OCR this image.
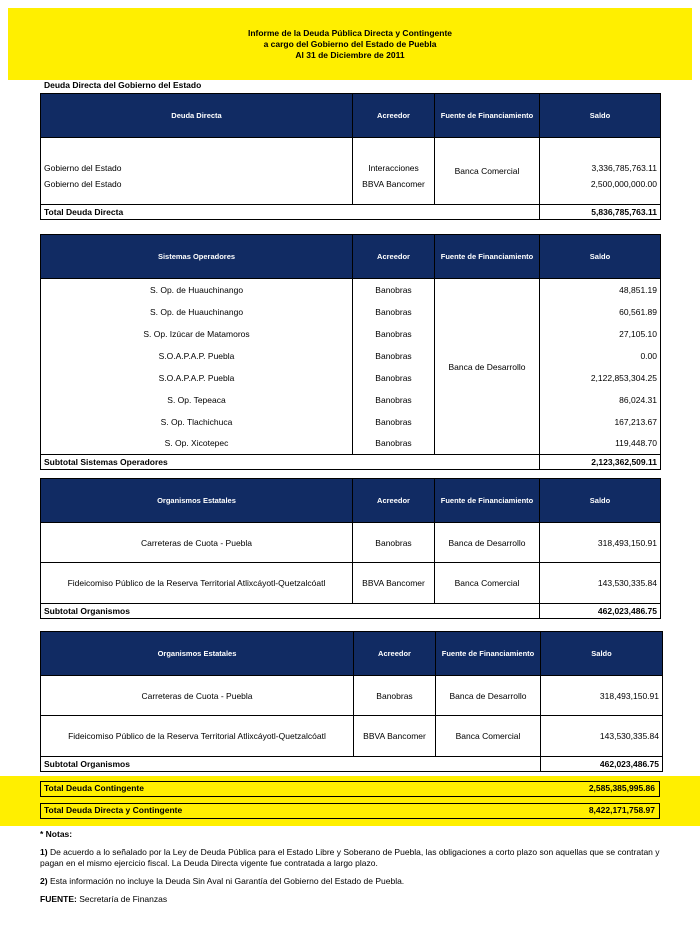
Informe de la Deuda Pública Directa y Contingente
a cargo del Gobierno del Estado de Puebla
Al 31 de Diciembre de 2011
Deuda Directa del Gobierno del Estado
Deuda Directa	Acreedor	Fuente de Financiamiento	Saldo
Gobierno del Estado	Interacciones	Banca Comercial	3,336,785,763.11
Gobierno del Estado	BBVA Bancomer		2,500,000,000.00
Total Deuda Directa			5,836,785,763.11
Sistemas Operadores	Acreedor	Fuente de Financiamiento	Saldo
S. Op. de Huauchinango	Banobras	Banca de Desarrollo	48,851.19
S. Op. de Huauchinango	Banobras		60,561.89
S. Op. Izúcar de Matamoros	Banobras		27,105.10
S.O.A.P.A.P. Puebla	Banobras		0.00
S.O.A.P.A.P. Puebla	Banobras		2,122,853,304.25
S. Op. Tepeaca	Banobras		86,024.31
S. Op. Tlachichuca	Banobras		167,213.67
S. Op. Xicotepec	Banobras		119,448.70
Subtotal Sistemas Operadores			2,123,362,509.11
Organismos Estatales	Acreedor	Fuente de Financiamiento	Saldo
Carreteras de Cuota - Puebla	Banobras	Banca de Desarrollo	318,493,150.91
Fideicomiso Público de la Reserva Territorial Atlixcáyotl-Quetzalcóatl	BBVA Bancomer	Banca Comercial	143,530,335.84
Subtotal Organismos			462,023,486.75
Organismos Estatales	Acreedor	Fuente de Financiamiento	Saldo
Carreteras de Cuota - Puebla	Banobras	Banca de Desarrollo	318,493,150.91
Fideicomiso Público de la Reserva Territorial Atlixcáyotl-Quetzalcóatl	BBVA Bancomer	Banca Comercial	143,530,335.84
Subtotal Organismos			462,023,486.75
Total Deuda Contingente	2,585,385,995.86
Total Deuda Directa y Contingente	8,422,171,758.97

* Notas:

1) De acuerdo a lo señalado por la Ley de Deuda Pública para el Estado Libre y Soberano de Puebla, las obligaciones a corto plazo son aquellas que se contratan y pagan en el mismo ejercicio fiscal. La Deuda Directa vigente fue contratada a largo plazo.

2) Esta información no incluye la Deuda Sin Aval ni Garantía del Gobierno del Estado de Puebla.

FUENTE: Secretaría de Finanzas
